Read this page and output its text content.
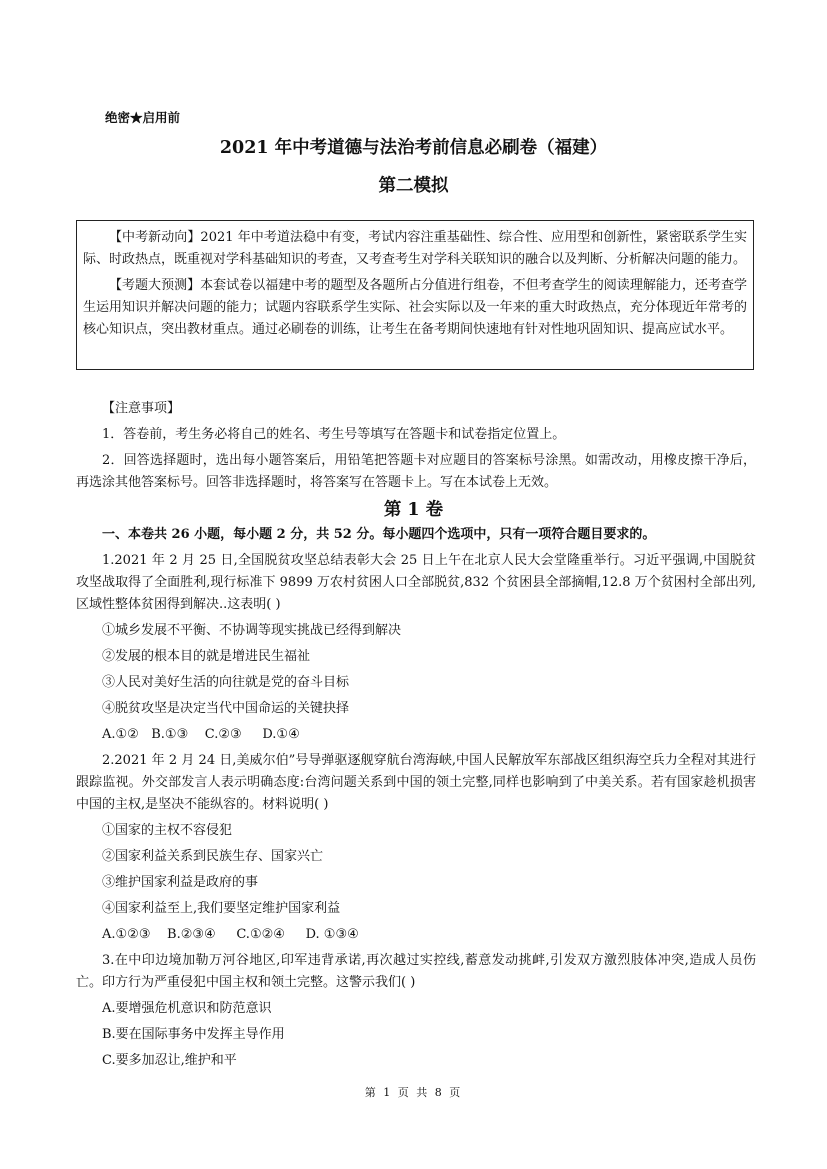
绝密★启用前
2021 年中考道德与法治考前信息必刷卷（福建）
第二模拟

【中考新动向】2021 年中考道法稳中有变，考试内容注重基础性、综合性、应用型和创新性，紧密联系学生实际、时政热点，既重视对学科基础知识的考查，又考查考生对学科关联知识的融合以及判断、分析解决问题的能力。

【考题大预测】本套试卷以福建中考的题型及各题所占分值进行组卷，不但考查学生的阅读理解能力，还考查学生运用知识并解决问题的能力；试题内容联系学生实际、社会实际以及一年来的重大时政热点，充分体现近年常考的核心知识点，突出教材重点。通过必刷卷的训练，让考生在备考期间快速地有针对性地巩固知识、提高应试水平。

【注意事项】

1．答卷前，考生务必将自己的姓名、考生号等填写在答题卡和试卷指定位置上。

2．回答选择题时，选出每小题答案后，用铅笔把答题卡对应题目的答案标号涂黑。如需改动，用橡皮擦干净后，再选涂其他答案标号。回答非选择题时，将答案写在答题卡上。写在本试卷上无效。

第 1 卷

一、本卷共 26 小题，每小题 2 分，共 52 分。每小题四个选项中，只有一项符合题目要求的。

1.2021 年 2 月 25 日,全国脱贫攻坚总结表彰大会 25 日上午在北京人民大会堂隆重举行。习近平强调,中国脱贫攻坚战取得了全面胜利,现行标准下 9899 万农村贫困人口全部脱贫,832 个贫困县全部摘帽,12.8 万个贫困村全部出列,区域性整体贫困得到解决..这表明( )

①城乡发展不平衡、不协调等现实挑战已经得到解决

②发展的根本目的就是增进民生福祉

③人民对美好生活的向往就是党的奋斗目标

④脱贫攻坚是决定当代中国命运的关键抉择

A.①②   B.①③    C.②③     D.①④

2.2021 年 2 月 24 日,美威尔伯”号导弹驱逐舰穿航台湾海峡,中国人民解放军东部战区组织海空兵力全程对其进行跟踪监视。外交部发言人表示明确态度:台湾问题关系到中国的领土完整,同样也影响到了中美关系。若有国家趁机损害中国的主权,是坚决不能纵容的。材料说明( )

①国家的主权不容侵犯

②国家利益关系到民族生存、国家兴亡

③维护国家利益是政府的事

④国家利益至上,我们要坚定维护国家利益

A.①②③    B.②③④     C.①②④     D. ①③④

3.在中印边境加勒万河谷地区,印军违背承诺,再次越过实控线,蓄意发动挑衅,引发双方激烈肢体冲突,造成人员伤亡。印方行为严重侵犯中国主权和领土完整。这警示我们( )

A.要增强危机意识和防范意识

B.要在国际事务中发挥主导作用

C.要多加忍让,维护和平

第 1 页 共 8 页
